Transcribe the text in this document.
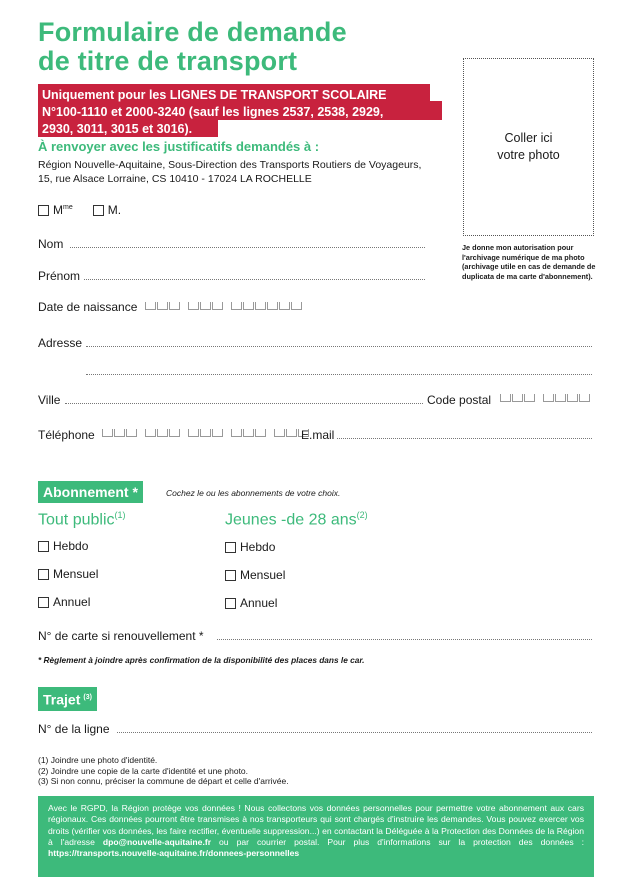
Formulaire de demande
de titre de transport
Uniquement pour les LIGNES DE TRANSPORT SCOLAIRE
N°100-1110 et 2000-3240 (sauf les lignes 2537, 2538, 2929,
2930, 3011, 3015 et 3016).
À renvoyer avec les justificatifs demandés à :
Région Nouvelle-Aquitaine, Sous-Direction des Transports Routiers de Voyageurs,
15, rue Alsace Lorraine, CS 10410 - 17024 LA ROCHELLE
Coller ici
votre photo
Je donne mon autorisation pour l'archivage numérique de ma photo (archivage utile en cas de demande de duplicata de ma carte d'abonnement).
$M^{me}$	M.
Nom
Prénom
Date de naissance
Adresse
Ville	Code postal
Téléphone	E.mail
Abonnement *	Cochez le ou les abonnements de votre choix.
Tout public$^{(1)}$	Jeunes -de 28 ans$^{(2)}$
Hebdo
Mensuel
Annuel
Hebdo
Mensuel
Annuel
N° de carte si renouvellement *
* Règlement à joindre après confirmation de la disponibilité des places dans le car.
Trajet $^{(3)}$
N° de la ligne
(1) Joindre une photo d'identité.
(2) Joindre une copie de la carte d'identité et une photo.
(3) Si non connu, préciser la commune de départ et celle d'arrivée.
Avec le RGPD, la Région protège vos données ! Nous collectons vos données personnelles pour permettre votre abonnement aux cars régionaux. Ces données pourront être transmises à nos transporteurs qui sont chargés d'instruire les demandes. Vous pouvez exercer vos droits (vérifier vos données, les faire rectifier, éventuelle suppression...) en contactant la Déléguée à la Protection des Données de la Région à l'adresse dpo@nouvelle-aquitaine.fr ou par courrier postal. Pour plus d'informations sur la protection des données : https://transports.nouvelle-aquitaine.fr/donnees-personnelles
